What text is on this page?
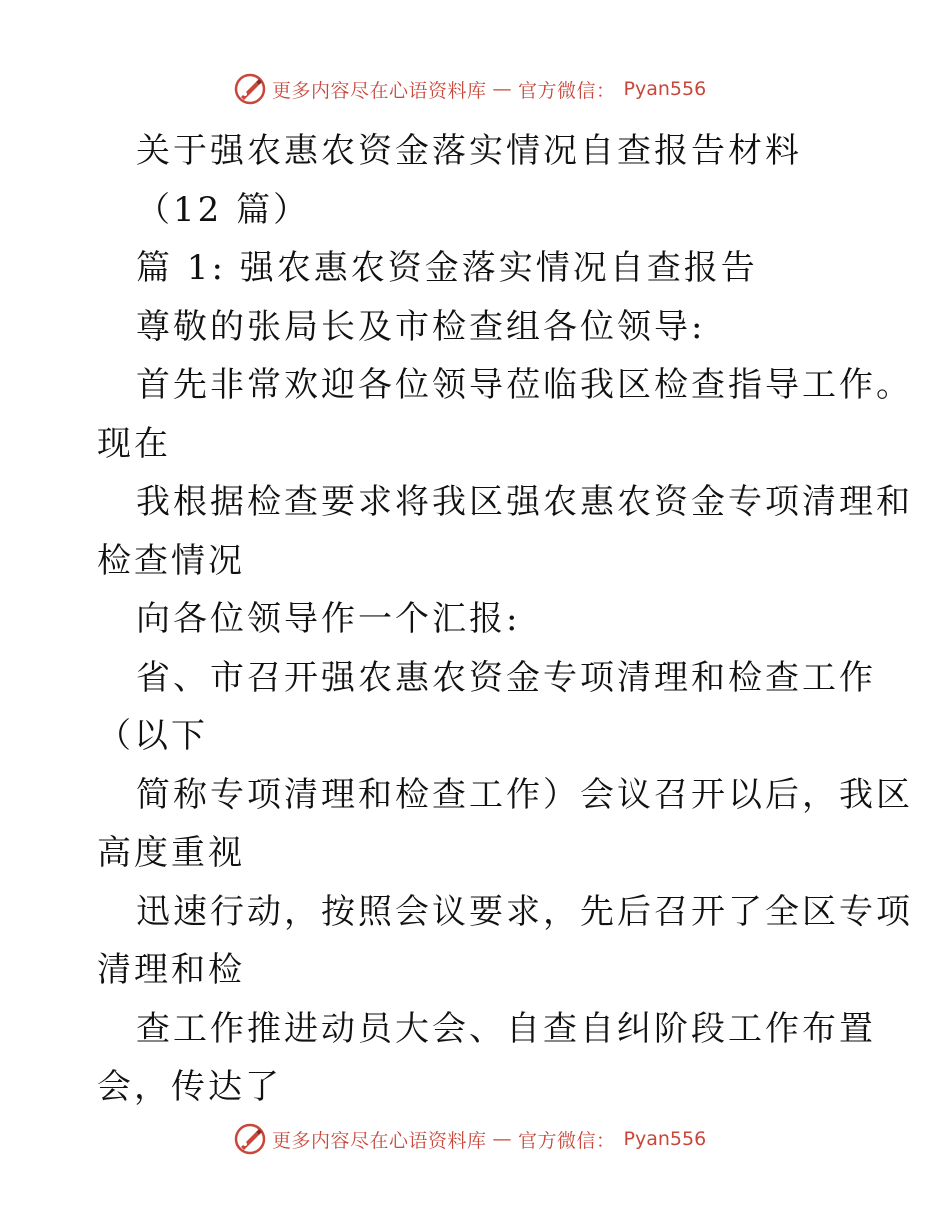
更多内容尽在心语资料库 — 官方微信： Pyan556

关于强农惠农资金落实情况自查报告材料

（12 篇）

篇 1: 强农惠农资金落实情况自查报告

尊敬的张局长及市检查组各位领导:

首先非常欢迎各位领导莅临我区检查指导工作。

现在

我根据检查要求将我区强农惠农资金专项清理和

检查情况

向各位领导作一个汇报:

省、市召开强农惠农资金专项清理和检查工作

（以下

简称专项清理和检查工作）会议召开以后，我区

高度重视

迅速行动，按照会议要求，先后召开了全区专项

清理和检

查工作推进动员大会、自查自纠阶段工作布置

会，传达了

更多内容尽在心语资料库 — 官方微信： Pyan556
